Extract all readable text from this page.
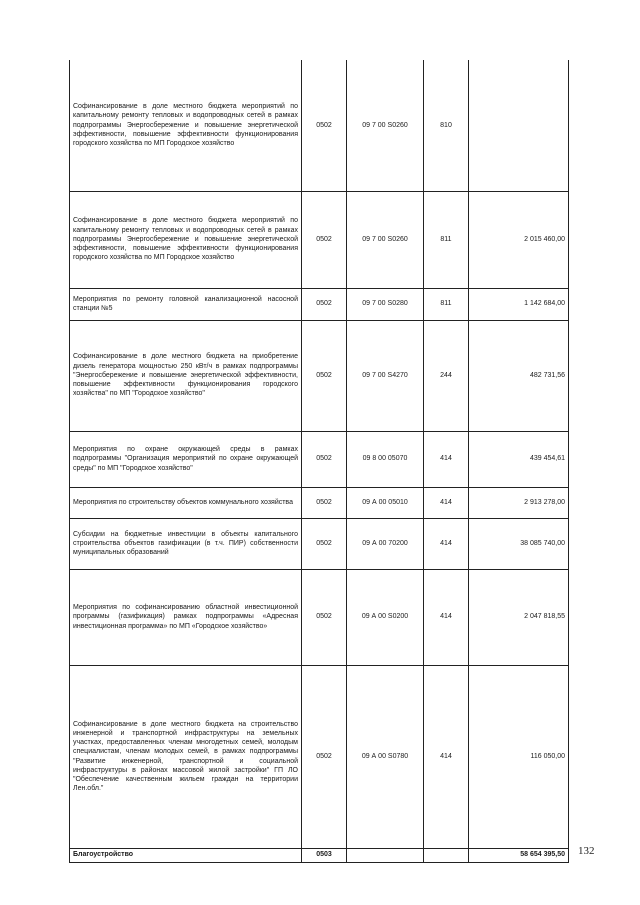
Софинансирование в доле местного бюджета мероприятий по капитальному ремонту тепловых и водопроводных сетей в рамках подпрограммы Энергосбережение и повышение энергетической эффективности, повышение эффективности функционирования городского хозяйства по МП Городское хозяйство	0502	09 7 00 S0260	810	
Софинансирование в доле местного бюджета мероприятий по капитальному ремонту тепловых и водопроводных сетей в рамках подпрограммы Энергосбережение и повышение энергетической эффективности, повышение эффективности функционирования городского хозяйства по МП Городское хозяйство	0502	09 7 00 S0260	811	2 015 460,00
Мероприятия по ремонту головной канализационной насосной станции №5	0502	09 7 00 S0280	811	1 142 684,00
Софинансирование в доле местного бюджета на приобретение дизель генератора мощностью 250 кВт/ч в рамках подпрограммы "Энергосбережение и повышение энергетической эффективности, повышение эффективности функционирования городского хозяйства" по МП "Городское хозяйство"	0502	09 7 00 S4270	244	482 731,56
Мероприятия по охране окружающей среды в рамках подпрограммы "Организация мероприятий по охране окружающей среды" по МП "Городское хозяйство"	0502	09 8 00 05070	414	439 454,61
Мероприятия по строительству объектов коммунального хозяйства	0502	09 А 00 05010	414	2 913 278,00
Субсидии на бюджетные инвестиции в объекты капитального строительства объектов газификации (в т.ч. ПИР) собственности муниципальных образований	0502	09 А 00 70200	414	38 085 740,00
Мероприятия по софинансированию областной инвестиционной программы (газификация) рамках подпрограммы «Адресная инвестиционная программа» по МП «Городское хозяйство»	0502	09 А 00 S0200	414	2 047 818,55
Софинансирование в доле местного бюджета на строительство инженерной и транспортной инфраструктуры на земельных участках, предоставленных членам многодетных семей, молодым специалистам, членам молодых семей, в рамках подпрограммы "Развитие инженерной, транспортной и социальной инфраструктуры в районах массовой жилой застройки" ГП ЛО "Обеспечение качественным жильем граждан на территории Лен.обл."	0502	09 А 00 S0780	414	116 050,00
Благоустройство	0503			58 654 395,50 132
